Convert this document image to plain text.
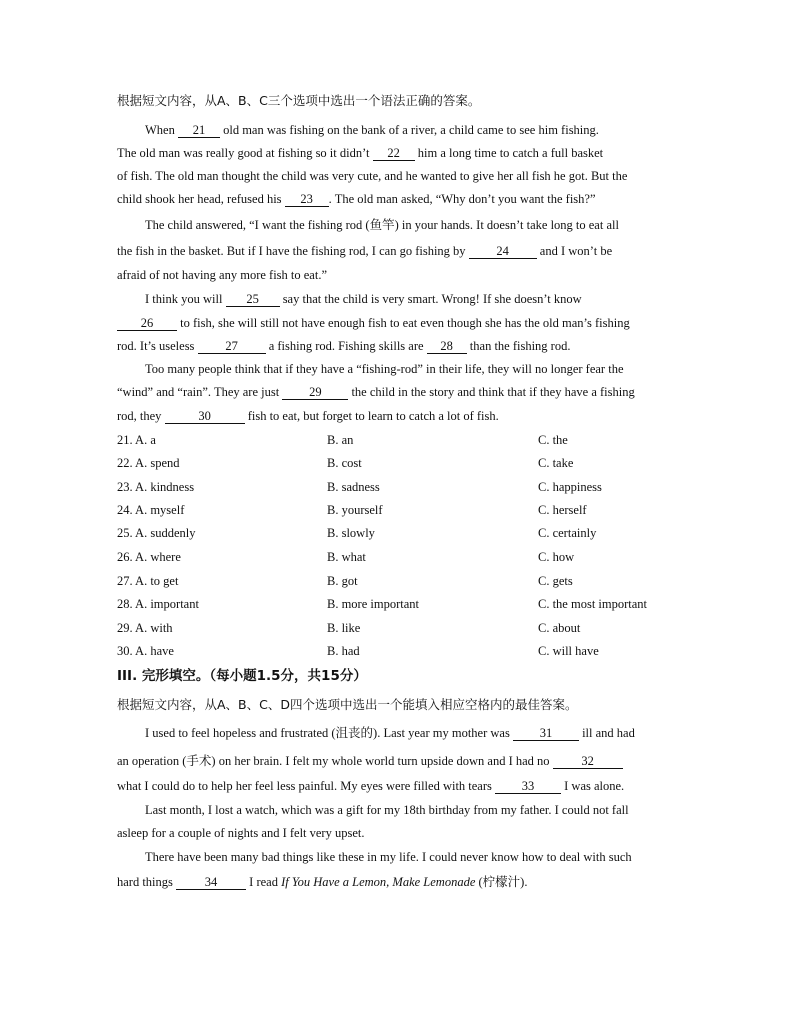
根据短文内容，从A、B、C三个选项中选出一个语法正确的答案。
When 21 old man was fishing on the bank of a river, a child came to see him fishing.
The old man was really good at fishing so it didn’t 22 him a long time to catch a full basket
of fish. The old man thought the child was very cute, and he wanted to give her all fish he got. But the
child shook her head, refused his 23 . The old man asked, “Why don’t you want the fish?”
The child answered, “I want the fishing rod (鱼竿) in your hands. It doesn’t take long to eat all
the fish in the basket. But if I have the fishing rod, I can go fishing by 24 and I won’t be
afraid of not having any more fish to eat.”
I think you will 25 say that the child is very smart. Wrong! If she doesn’t know
26 to fish, she will still not have enough fish to eat even though she has the old man’s fishing
rod. It’s useless 27 a fishing rod. Fishing skills are 28 than the fishing rod.
Too many people think that if they have a “fishing-rod” in their life, they will no longer fear the
“wind” and “rain”. They are just 29 the child in the story and think that if they have a fishing
rod, they	30	fish to eat, but forget to learn to catch a lot of fish.
21. A. a	B. an	C. the
22. A. spend	B. cost	C. take
23. A. kindness	B. sadness	C. happiness
24. A. myself	B. yourself	C. herself
25. A. suddenly	B. slowly	C. certainly
26. A. where	B. what	C. how
27. A. to get	B. got	C. gets
28. A. important	B. more important	C. the most important
29. A. with	B. like	C. about
30. A. have	B. had	C. will have
III. 完形填空。（每小题1.5分，共15分）
根据短文内容，从A、B、C、D四个选项中选出一个能填入相应空格内的最佳答案。
I used to feel hopeless and frustrated (沮丧的). Last year my mother was 31 ill and had
an operation (手术) on her brain. I felt my whole world turn upside down and I had no 32
what I could do to help her feel less painful. My eyes were filled with tears 33 I was alone.
Last month, I lost a watch, which was a gift for my 18th birthday from my father. I could not fall
asleep for a couple of nights and I felt very upset.
There have been many bad things like these in my life. I could never know how to deal with such
hard things 34 I read If You Have a Lemon, Make Lemonade (柠檬汁).
